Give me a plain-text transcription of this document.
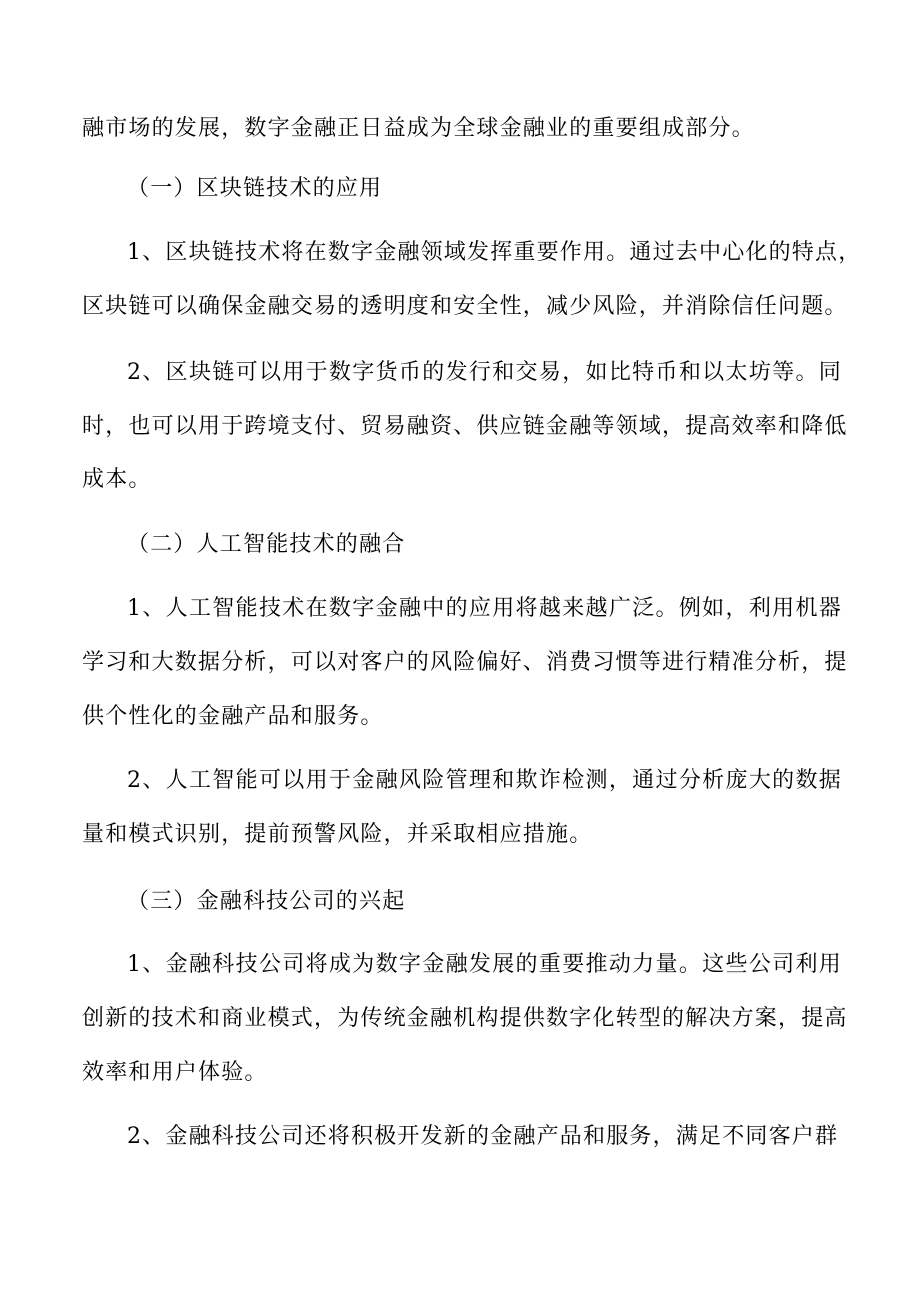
融市场的发展，数字金融正日益成为全球金融业的重要组成部分。
（一）区块链技术的应用
1、区块链技术将在数字金融领域发挥重要作用。通过去中心化的特点，
区块链可以确保金融交易的透明度和安全性，减少风险，并消除信任问题。
2、区块链可以用于数字货币的发行和交易，如比特币和以太坊等。同
时，也可以用于跨境支付、贸易融资、供应链金融等领域，提高效率和降低
成本。
（二）人工智能技术的融合
1、人工智能技术在数字金融中的应用将越来越广泛。例如，利用机器
学习和大数据分析，可以对客户的风险偏好、消费习惯等进行精准分析，提
供个性化的金融产品和服务。
2、人工智能可以用于金融风险管理和欺诈检测，通过分析庞大的数据
量和模式识别，提前预警风险，并采取相应措施。
（三）金融科技公司的兴起
1、金融科技公司将成为数字金融发展的重要推动力量。这些公司利用
创新的技术和商业模式，为传统金融机构提供数字化转型的解决方案，提高
效率和用户体验。
2、金融科技公司还将积极开发新的金融产品和服务，满足不同客户群
